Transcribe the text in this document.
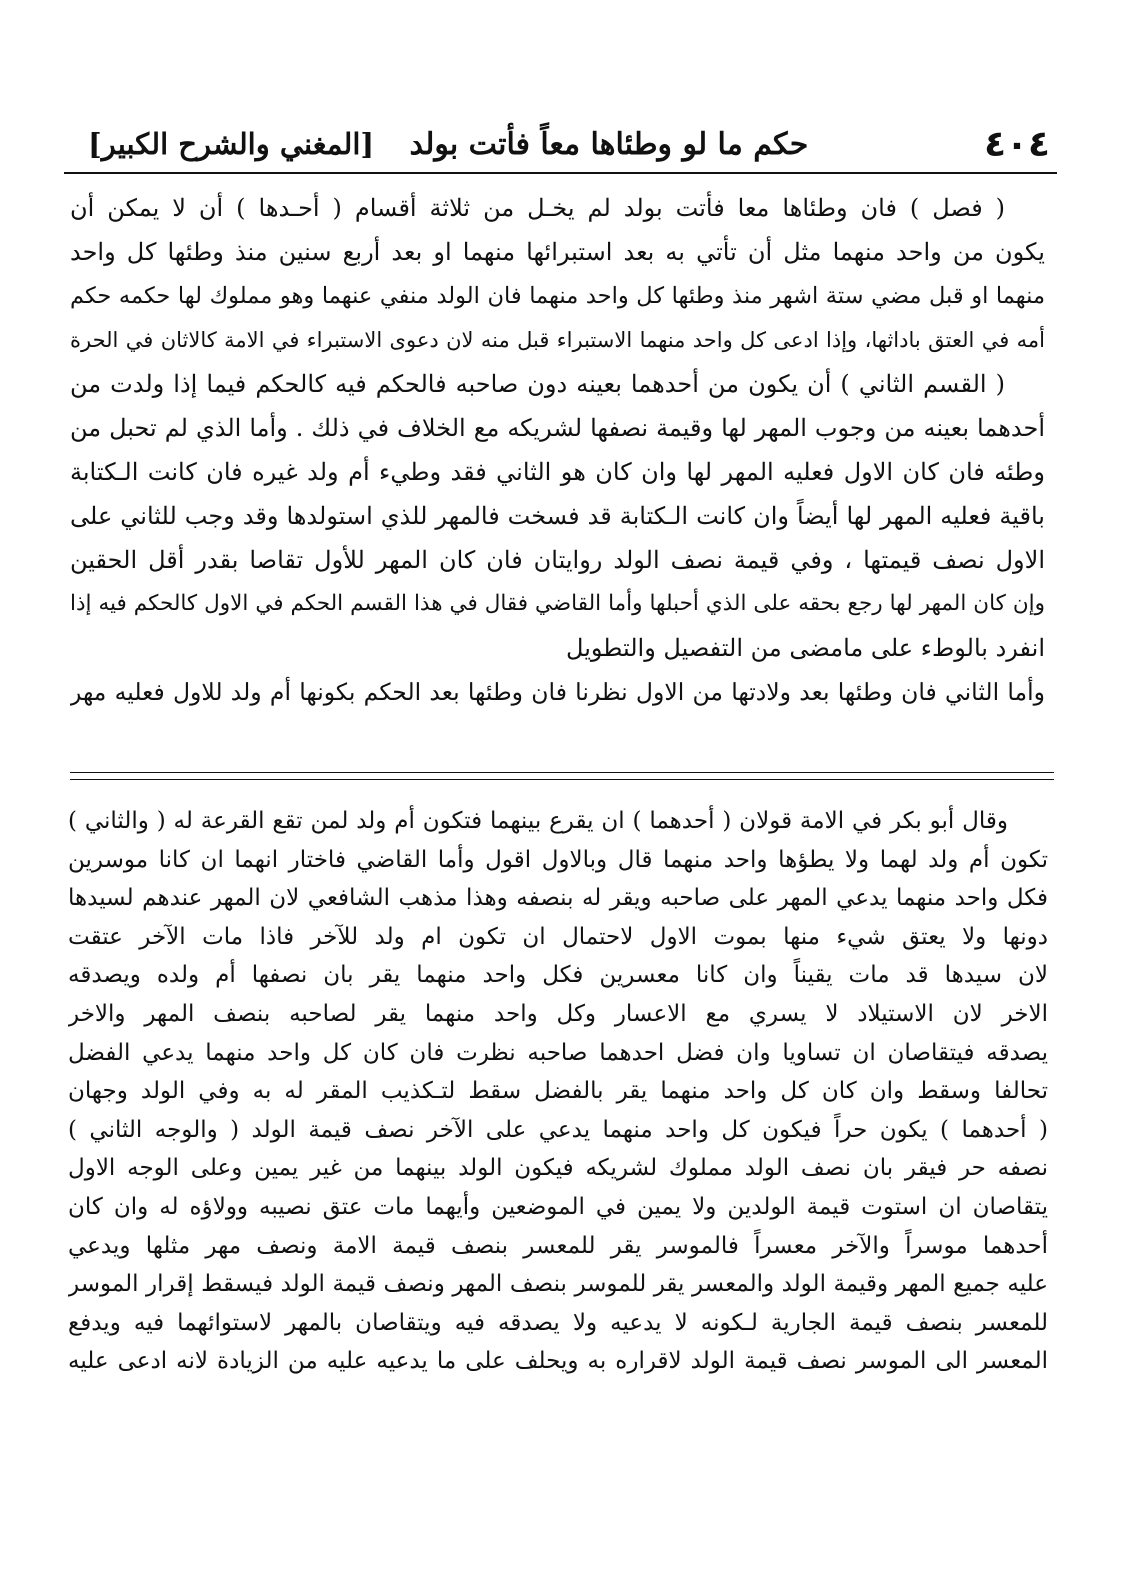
٤٠٤
حكم ما لو وطئاها معاً فأتت بولد
[المغني والشرح الكبير]
( فصل ) فان وطئاها معا فأتت بولد لم يخـل من ثلاثة أقسام ( أحـدها ) أن لا يمكن أن
يكون من واحد منهما مثل أن تأتي به بعد استبرائها منهما او بعد أربع سنين منذ وطئها كل واحد
منهما او قبل مضي ستة اشهر منذ وطئها كل واحد منهما فان الولد منفي عنهما وهو مملوك لها حكمه حكم
أمه في العتق باداثها، وإذا ادعى كل واحد منهما الاستبراء قبل منه لان دعوى الاستبراء في الامة كالاثان في الحرة
( القسم الثاني ) أن يكون من أحدهما بعينه دون صاحبه فالحكم فيه كالحكم فيما إذا ولدت من
أحدهما بعينه من وجوب المهر لها وقيمة نصفها لشريكه مع الخلاف في ذلك . وأما الذي لم تحبل من
وطئه فان كان الاول فعليه المهر لها وان كان هو الثاني فقد وطيء أم ولد غيره فان كانت الـكتابة
باقية فعليه المهر لها أيضاً وان كانت الـكتابة قد فسخت فالمهر للذي استولدها وقد وجب للثاني على
الاول نصف قيمتها ، وفي قيمة نصف الولد روايتان فان كان المهر للأول تقاصا بقدر أقل الحقين
وإن كان المهر لها رجع بحقه على الذي أحبلها وأما القاضي فقال في هذا القسم الحكم في الاول كالحكم فيه إذا
انفرد بالوطء على مامضى من التفصيل والتطويل
وأما الثاني فان وطئها بعد ولادتها من الاول نظرنا فان وطئها بعد الحكم بكونها أم ولد للاول فعليه مهر
وقال أبو بكر في الامة قولان ( أحدهما ) ان يقرع بينهما فتكون أم ولد لمن تقع القرعة له ( والثاني )
تكون أم ولد لهما ولا يطؤها واحد منهما قال وبالاول اقول وأما القاضي فاختار انهما ان كانا موسرين
فكل واحد منهما يدعي المهر على صاحبه ويقر له بنصفه وهذا مذهب الشافعي لان المهر عندهم لسيدها
دونها ولا يعتق شيء منها بموت الاول لاحتمال ان تكون ام ولد للآخر فاذا مات الآخر عتقت
لان سيدها قد مات يقيناً وان كانا معسرين فكل واحد منهما يقر بان نصفها أم ولده ويصدقه
الاخر لان الاستيلاد لا يسري مع الاعسار وكل واحد منهما يقر لصاحبه بنصف المهر والاخر
يصدقه فيتقاصان ان تساويا وان فضل احدهما صاحبه نظرت فان كان كل واحد منهما يدعي الفضل
تحالفا وسقط وان كان كل واحد منهما يقر بالفضل سقط لتـكذيب المقر له به وفي الولد وجهان
( أحدهما ) يكون حراً فيكون كل واحد منهما يدعي على الآخر نصف قيمة الولد ( والوجه الثاني )
نصفه حر فيقر بان نصف الولد مملوك لشريكه فيكون الولد بينهما من غير يمين وعلى الوجه الاول
يتقاصان ان استوت قيمة الولدين ولا يمين في الموضعين وأيهما مات عتق نصيبه وولاؤه له وان كان
أحدهما موسراً والآخر معسراً فالموسر يقر للمعسر بنصف قيمة الامة ونصف مهر مثلها ويدعي
عليه جميع المهر وقيمة الولد والمعسر يقر للموسر بنصف المهر ونصف قيمة الولد فيسقط إقرار الموسر
للمعسر بنصف قيمة الجارية لـكونه لا يدعيه ولا يصدقه فيه ويتقاصان بالمهر لاستوائهما فيه ويدفع
المعسر الى الموسر نصف قيمة الولد لاقراره به ويحلف على ما يدعيه عليه من الزيادة لانه ادعى عليه
